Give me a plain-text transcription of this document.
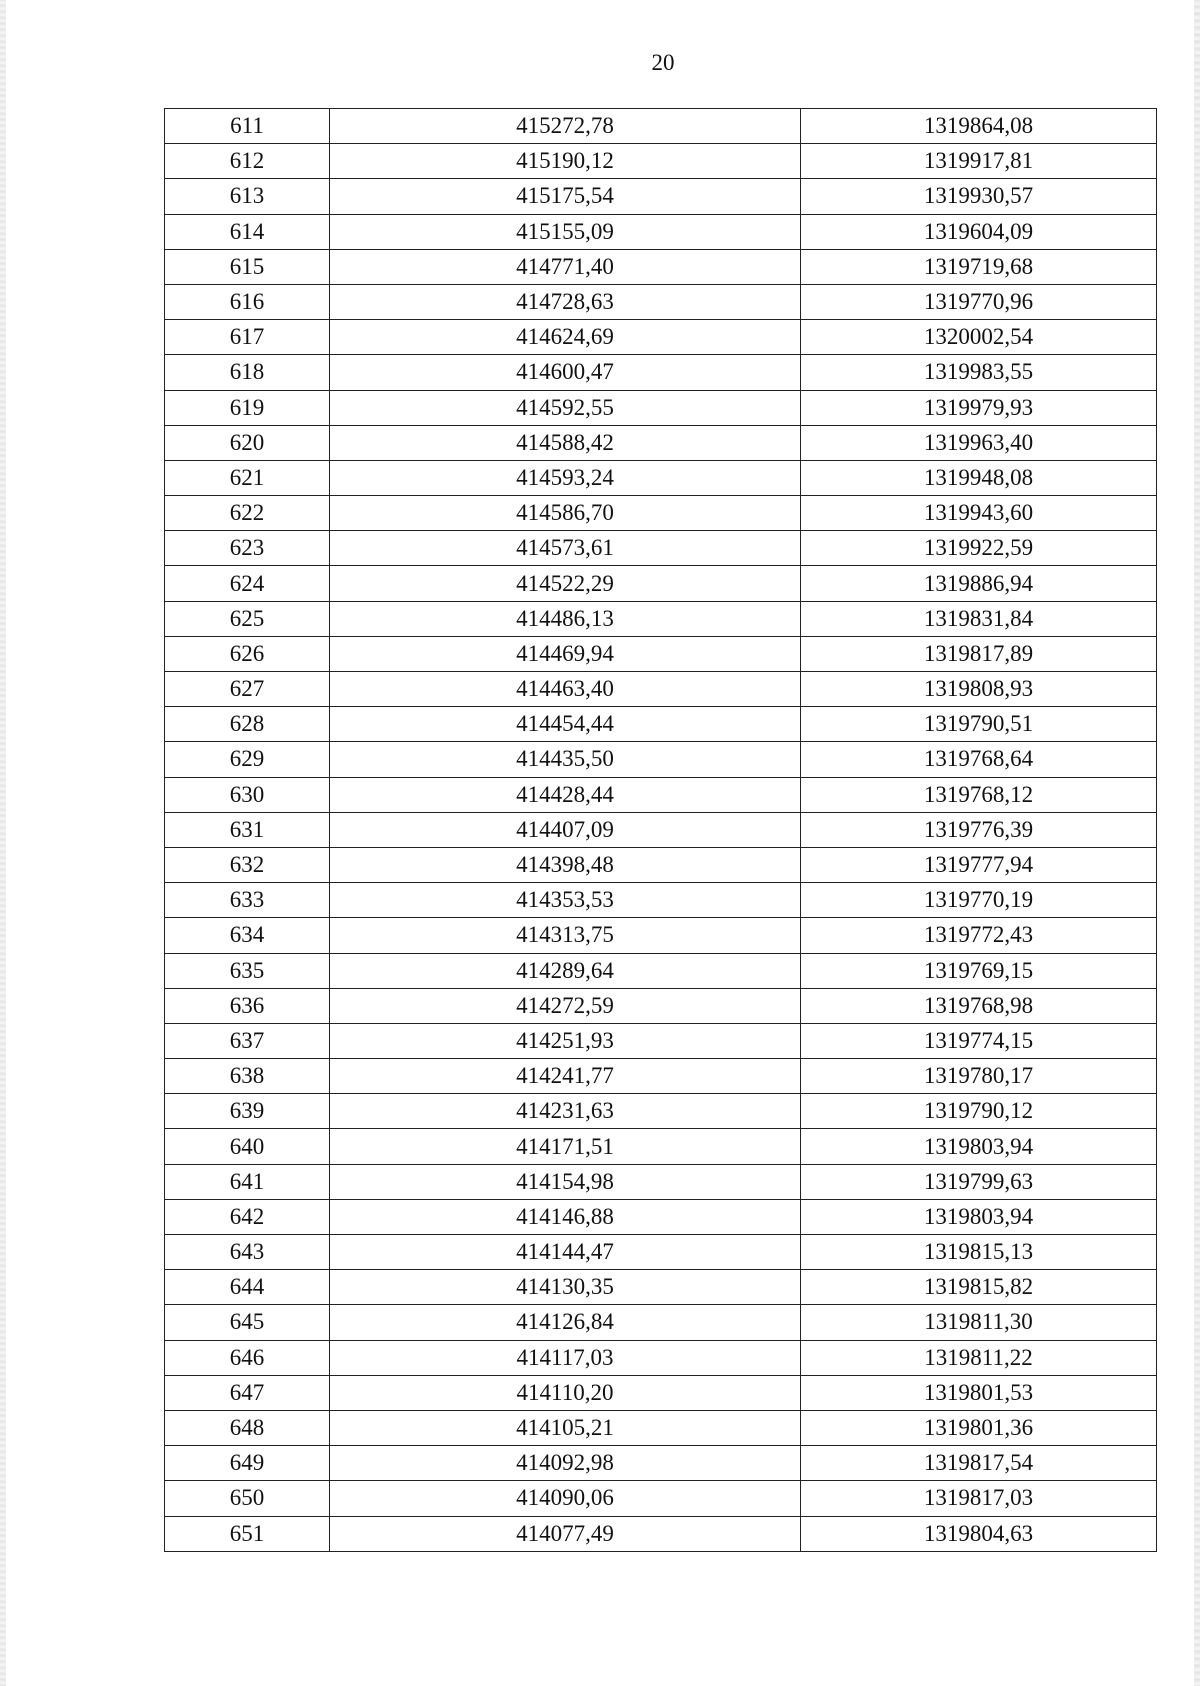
20
611	415272,78	1319864,08
612	415190,12	1319917,81
613	415175,54	1319930,57
614	415155,09	1319604,09
615	414771,40	1319719,68
616	414728,63	1319770,96
617	414624,69	1320002,54
618	414600,47	1319983,55
619	414592,55	1319979,93
620	414588,42	1319963,40
621	414593,24	1319948,08
622	414586,70	1319943,60
623	414573,61	1319922,59
624	414522,29	1319886,94
625	414486,13	1319831,84
626	414469,94	1319817,89
627	414463,40	1319808,93
628	414454,44	1319790,51
629	414435,50	1319768,64
630	414428,44	1319768,12
631	414407,09	1319776,39
632	414398,48	1319777,94
633	414353,53	1319770,19
634	414313,75	1319772,43
635	414289,64	1319769,15
636	414272,59	1319768,98
637	414251,93	1319774,15
638	414241,77	1319780,17
639	414231,63	1319790,12
640	414171,51	1319803,94
641	414154,98	1319799,63
642	414146,88	1319803,94
643	414144,47	1319815,13
644	414130,35	1319815,82
645	414126,84	1319811,30
646	414117,03	1319811,22
647	414110,20	1319801,53
648	414105,21	1319801,36
649	414092,98	1319817,54
650	414090,06	1319817,03
651	414077,49	1319804,63
